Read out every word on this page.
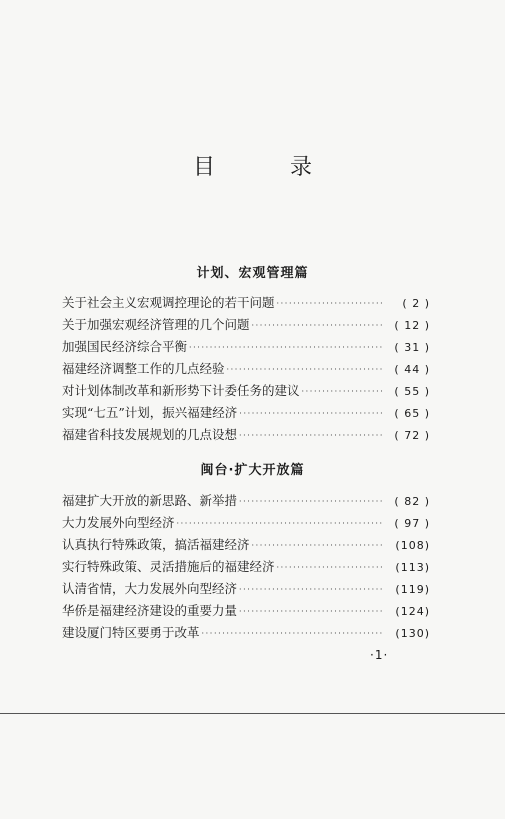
目 录
计划、宏观管理篇
关于社会主义宏观调控理论的若干问题 ·····	( 2 )
关于加强宏观经济管理的几个问题 ·····	( 12 )
加强国民经济综合平衡 ·····	( 31 )
福建经济调整工作的几点经验 ·····	( 44 )
对计划体制改革和新形势下计委任务的建议 ·····	( 55 )
实现“七五”计划，振兴福建经济 ·····	( 65 )
福建省科技发展规划的几点设想 ·····	( 72 )
闽台·扩大开放篇
福建扩大开放的新思路、新举措 ·····	( 82 )
大力发展外向型经济 ·····	( 97 )
认真执行特殊政策，搞活福建经济 ·····	(108)
实行特殊政策、灵活措施后的福建经济 ·····	(113)
认清省情，大力发展外向型经济 ·····	(119)
华侨是福建经济建设的重要力量 ·····	(124)
建设厦门特区要勇于改革 ·····	(130)
·1·
